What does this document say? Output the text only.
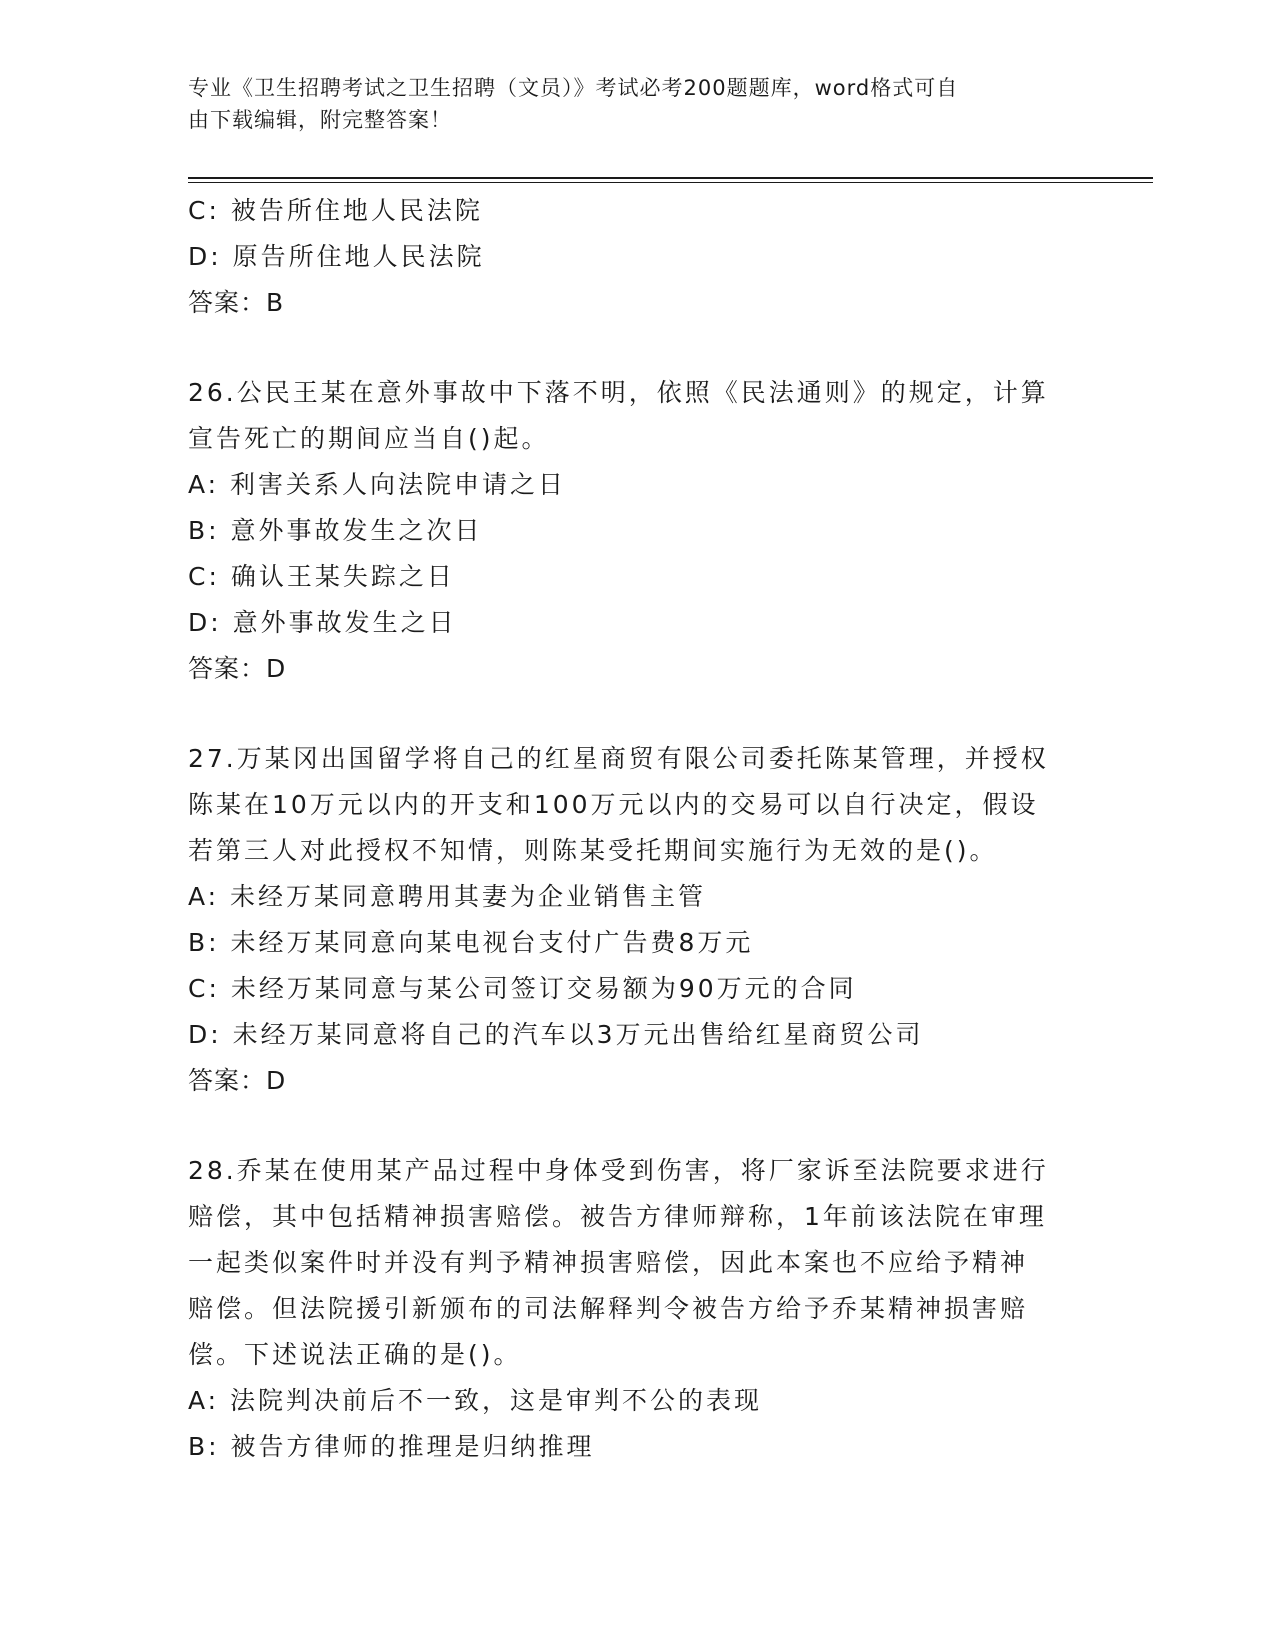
专业《卫生招聘考试之卫生招聘（文员）》考试必考200题题库，word格式可自
由下载编辑，附完整答案！
C: 被告所住地人民法院
D: 原告所住地人民法院
答案：B
26.公民王某在意外事故中下落不明，依照《民法通则》的规定，计算
宣告死亡的期间应当自()起。
A: 利害关系人向法院申请之日
B: 意外事故发生之次日
C: 确认王某失踪之日
D: 意外事故发生之日
答案：D
27.万某冈出国留学将自己的红星商贸有限公司委托陈某管理，并授权
陈某在10万元以内的开支和100万元以内的交易可以自行决定，假设
若第三人对此授权不知情，则陈某受托期间实施行为无效的是()。
A: 未经万某同意聘用其妻为企业销售主管
B: 未经万某同意向某电视台支付广告费8万元
C: 未经万某同意与某公司签订交易额为90万元的合同
D: 未经万某同意将自己的汽车以3万元出售给红星商贸公司
答案：D
28.乔某在使用某产品过程中身体受到伤害，将厂家诉至法院要求进行
赔偿，其中包括精神损害赔偿。被告方律师辩称，1年前该法院在审理
一起类似案件时并没有判予精神损害赔偿，因此本案也不应给予精神
赔偿。但法院援引新颁布的司法解释判令被告方给予乔某精神损害赔
偿。下述说法正确的是()。
A: 法院判决前后不一致，这是审判不公的表现
B: 被告方律师的推理是归纳推理
